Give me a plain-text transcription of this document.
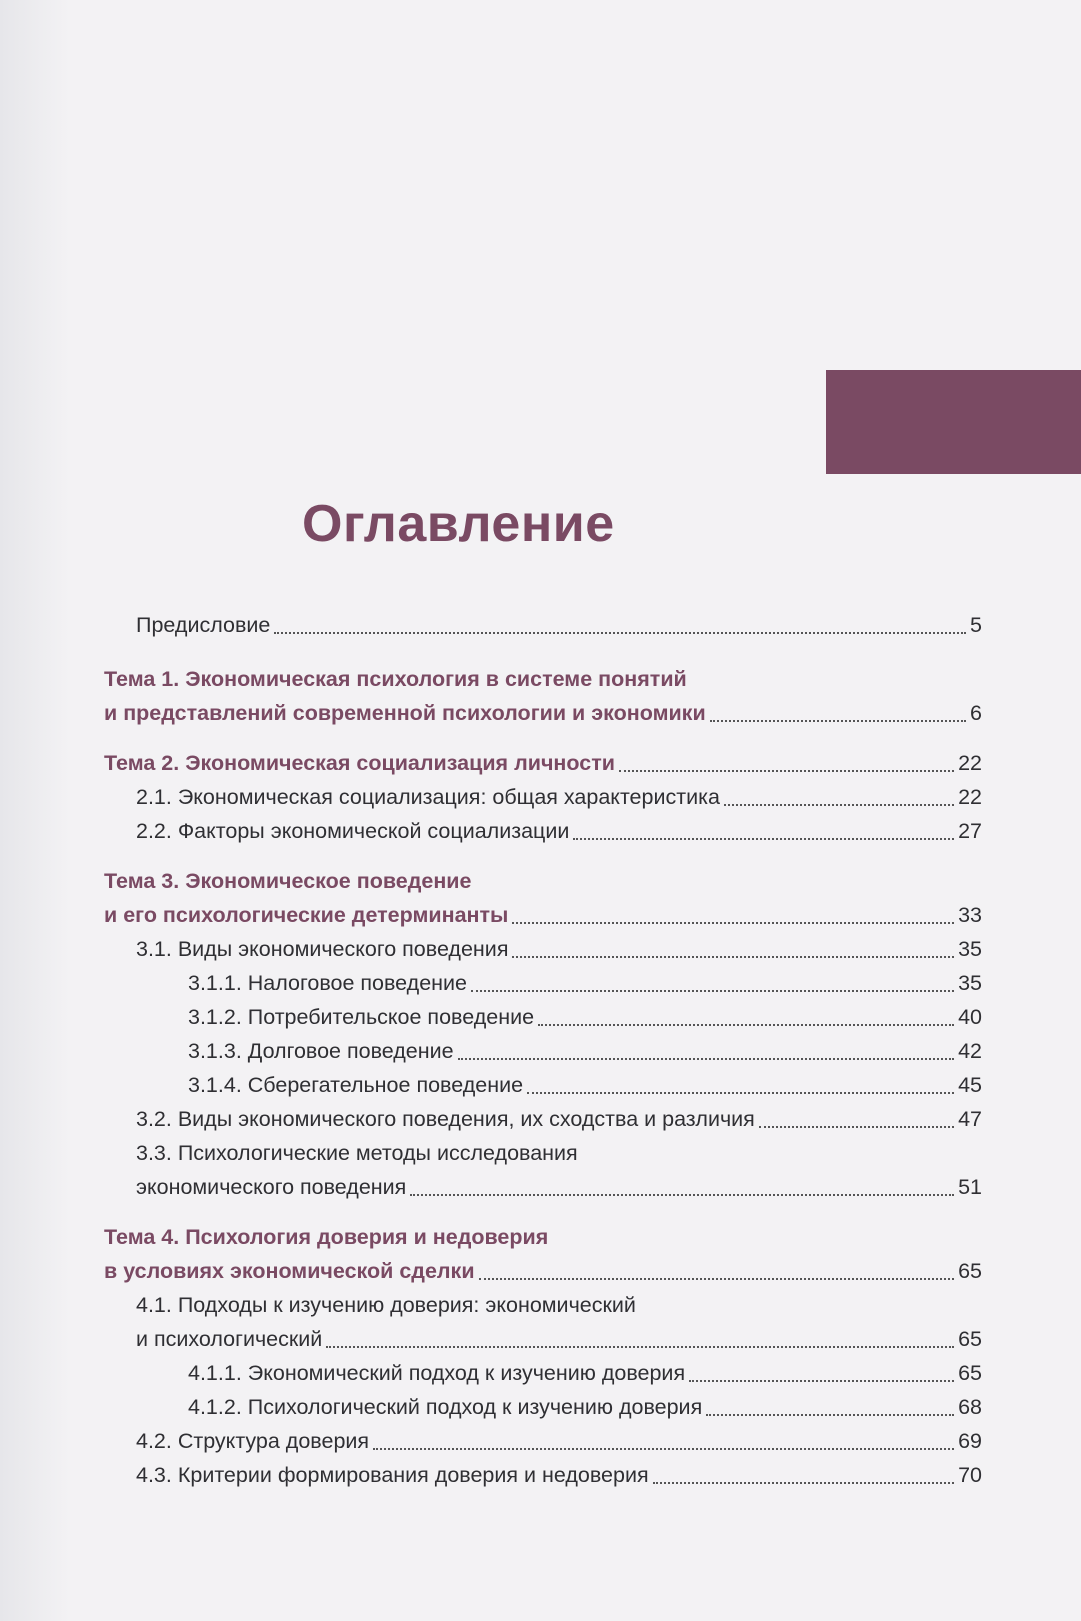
Оглавление
Предисловие	5
Тема 1. Экономическая психология в системе понятий
и представлений современной психологии и экономики	6
Тема 2. Экономическая социализация личности	22
2.1. Экономическая социализация: общая характеристика	22
2.2. Факторы экономической социализации	27
Тема 3. Экономическое поведение
и его психологические детерминанты	33
3.1. Виды экономического поведения	35
3.1.1. Налоговое поведение	35
3.1.2. Потребительское поведение	40
3.1.3. Долговое поведение	42
3.1.4. Сберегательное поведение	45
3.2. Виды экономического поведения, их сходства и различия	47
3.3. Психологические методы исследования
экономического поведения	51
Тема 4. Психология доверия и недоверия
в условиях экономической сделки	65
4.1. Подходы к изучению доверия: экономический
и психологический	65
4.1.1. Экономический подход к изучению доверия	65
4.1.2. Психологический подход к изучению доверия	68
4.2. Структура доверия	69
4.3. Критерии формирования доверия и недоверия	70
